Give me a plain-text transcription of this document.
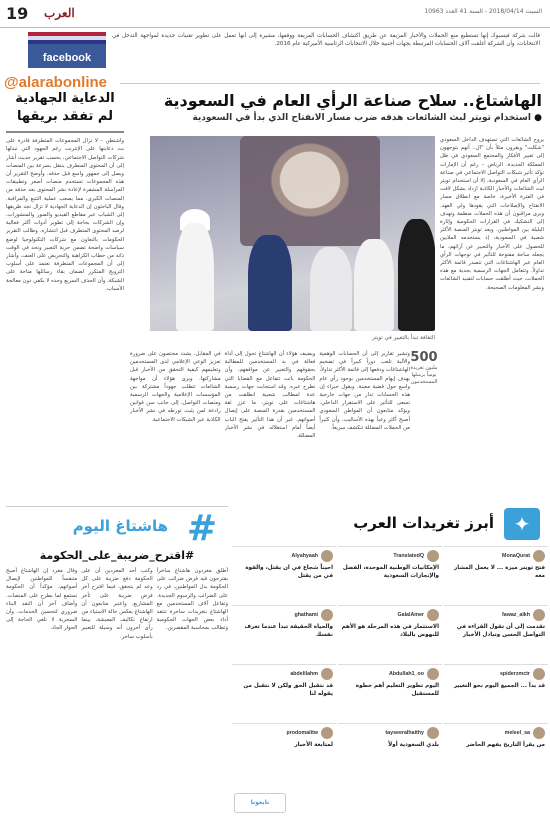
19 العرب	السبت 2018/04/14 - السنة 41 العدد 10963
facebook
قالت شركة فيسبوك إنها تستطيع منع الحملات والأخبار المزيفة عن طريق اكتشاف الحسابات المزيفة ووقفها، مشيرة إلى أنها تعمل على تطوير تقنيات جديدة لمواجهة التدخل في الانتخابات، وأن الشركة أغلقت آلاف الحسابات المرتبطة بجهات أجنبية خلال الانتخابات الرئاسية الأميركية عام 2016.
@alarabonline
الدعاية الجهادية لم تفقد بريقها
واشنطن – لا تزال المجموعات المتطرفة قادرة على بث دعايتها على الإنترنت رغم الجهود التي تبذلها شركات التواصل الاجتماعي، بحسب تقرير حديث أشار إلى أن المحتوى المتطرف ينتقل بسرعة بين المنصات ويصل إلى جمهور واسع قبل حذفه. وأوضح التقرير أن هذه المجموعات تستخدم منصات أصغر وتطبيقات المراسلة المشفرة لإعادة نشر المحتوى بعد حذفه من المنصات الكبرى، مما يصعب عملية التتبع والمراقبة. وقال الباحثون إن الدعاية الجهادية لا تزال تجد طريقها إلى الشباب عبر مقاطع الفيديو والصور والمنشورات، وإن الشركات بحاجة إلى تطوير أدوات أكثر فعالية لرصد المحتوى المتطرف قبل انتشاره. وطالب التقرير الحكومات بالتعاون مع شركات التكنولوجيا لوضع سياسات واضحة تضمن حرية التعبير وتحد في الوقت ذاته من خطاب الكراهية والتحريض على العنف. وأشار إلى أن المجموعات المتطرفة تعتمد على أسلوب الترويج المتكرر لضمان بقاء رسائلها متاحة على الشبكة، وأن الحذف السريع وحده لا يكفي دون معالجة الأسباب.
الهاشتاغ.. سلاح صناعة الرأي العام في السعودية
● استخدام تويتر لبث الشائعات هدفه ضرب مسار الانفتاح الذي بدأ في السعودية
الثقافة تبدأ بالتغيير في تويتر
يروج الشائعات التي تستهدف الداخل السعودي "شكلت" ويقرون مثلاً بأن "ال.. أنهم يتوجهون إلى تغيير الأفكار والمجتمع السعودي في ظل المملكة الجديدة. الرياض – رغم أن الإمارات تؤكد تأثير شبكات التواصل الاجتماعي في صناعة الرأي العام في السعودية، إلا أن استخدام تويتر لبث الشائعات والأخبار الكاذبة ازداد بشكل لافت في الفترة الأخيرة، خاصة مع انطلاق مسار الانفتاح والإصلاحات التي يقودها ولي العهد. ويرى مراقبون أن هذه الحملات منظمة وتهدف إلى التشكيك في القرارات الحكومية وإثارة البلبلة بين المواطنين. ويعد تويتر المنصة الأكثر شعبية في السعودية، إذ يستخدمه الملايين للحصول على الأخبار والتعبير عن آرائهم، ما يجعله ساحة مفتوحة للتأثير في توجهات الرأي العام عبر الهاشتاغات التي تتصدر قائمة الأكثر تداولاً. وتتعامل الجهات الرسمية بجدية مع هذه الحملات، حيث أطلقت حسابات لتفنيد الشائعات ونشر المعلومات الصحيحة.
500
مليون تغريدة يومياً يرسلها المستخدمون
وتشير تقارير إلى أن الحسابات الوهمية والآلية تلعب دوراً كبيراً في تضخيم الهاشتاغات ودفعها إلى قائمة الأكثر تداولاً، بهدف إيهام المستخدمين بوجود رأي عام واسع حول قضية معينة. ويقول خبراء إن هذه الحسابات تدار من جهات خارجية تسعى للتأثير على الاستقرار الداخلي. ويؤكد متابعون أن المواطن السعودي أصبح أكثر وعياً بهذه الأساليب، وأن كثيراً من الحملات المضللة تنكشف سريعاً.
ويضيف هؤلاء أن الهاشتاغ تحول إلى أداة فعالة في يد المستخدمين للمطالبة بحقوقهم والتعبير عن مواقفهم، وأن الحكومة باتت تتفاعل مع القضايا التي تطرح عبره. وقد استجابت جهات رسمية عدة لمطالب شعبية انطلقت من هاشتاغات على تويتر، ما عزز ثقة المستخدمين بقدرة المنصة على إيصال أصواتهم. غير أن هذا التأثير يفتح الباب أيضاً أمام استغلاله في نشر الأخبار المضللة.
في المقابل، يشدد مختصون على ضرورة تعزيز الوعي الإعلامي لدى المستخدمين وتعليمهم كيفية التحقق من الأخبار قبل مشاركتها. ويرى هؤلاء أن مواجهة الشائعات تتطلب جهوداً مشتركة بين المؤسسات الإعلامية والجهات الرسمية ومنصات التواصل، إلى جانب سن قوانين رادعة لمن يثبت تورطه في نشر الأخبار الكاذبة عبر الشبكات الاجتماعية.
✦
أبرز تغريدات العرب
MonaQurat
فتح تويتر ميزة ... لا يعمل المشار معه
TranslatedQ
الإمكانيات الوطنية الموحدة، الفضل والإنجازات السعودية
Alyahyaah
احيناً شجاع في ان يقتل، والقوة في من يقتل
fawaz_alkh
تقدمت إلى أن تقول القراءة في التواصل الحسن وتبادل الأخبار
GalalAmer
الاستثمار في هذه المرحلة هو الأهم للنهوض بالبلاد
ghathami
والحياة الحقيقة تبدأ عندما تعرف نفسك
spiderzmctr
قد بدأ ... الجميع اليوم نحو التغيير
Abdullah1_oo
اليوم تطوير التعليم أهم خطوة للمستقبل
abdelilahm
قد نتقبل الحق ولكن لا نتقبل من يقوله لنا
meleel_sa
من يقرأ التاريخ يفهم الحاضر
tayseeralhaithy
بلدي السعودية أولاً
prodomalitw
لمتابعة الأخبار
#
هاشتاغ اليوم
#اقترح_ضريبة_على_الحكومة
أطلق مغردون هاشتاغ ساخراً يقترحون فيه فرض ضرائب على الحكومة بدل المواطنين، في رد على الضرائب والرسوم الجديدة. وتفاعل آلاف المستخدمين مع الهاشتاغ بتغريدات ساخرة تنتقد أداء بعض الجهات الحكومية وتطالب بمحاسبة المقصرين.
وكتب أحد المغردين أن على الحكومة دفع ضريبة على كل وعد لم يتحقق، فيما اقترح آخر فرض ضريبة على تأخر المشاريع. واعتبر متابعون أن الهاشتاغ يعكس حالة الاستياء من ارتفاع تكاليف المعيشة، بينما رأى آخرون أنه وسيلة للتعبير بأسلوب ساخر.
وقال مغرد إن الهاشتاغ أصبح متنفساً للمواطنين لإيصال أصواتهم، مؤكداً أن الحكومة تستمع لما يطرح على المنصات. وأضاف آخر أن النقد البناء ضروري لتحسين الخدمات، وأن السخرية لا تلغي الحاجة إلى الحوار الجاد.
تابعونا
